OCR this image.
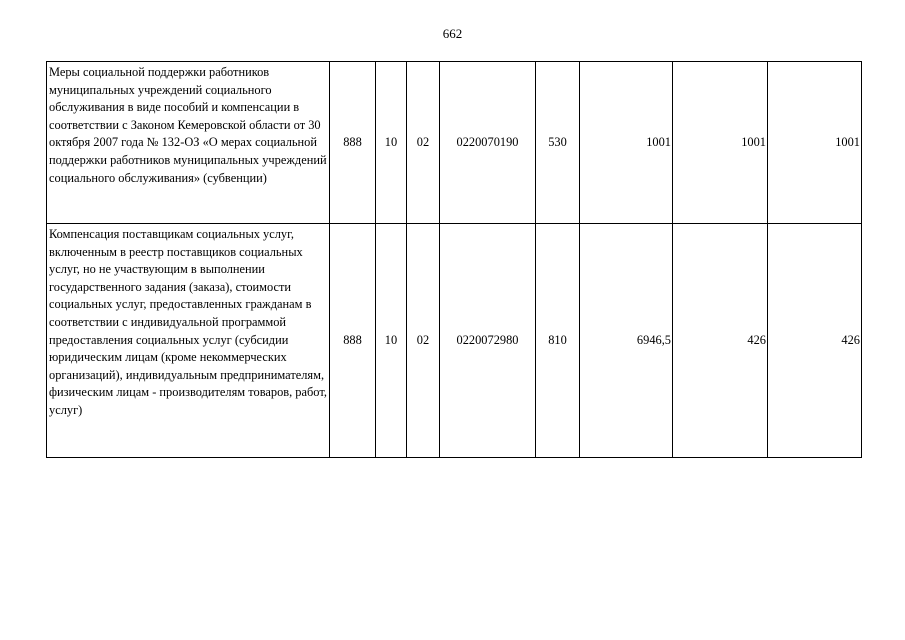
662
Меры социальной поддержки работников муниципальных учреждений социального обслуживания в виде пособий и компенсации в соответствии с Законом Кемеровской области от 30 октября 2007 года № 132-ОЗ «О мерах социальной поддержки работников муниципальных учреждений социального обслуживания» (субвенции)	888	10	02	0220070190	530	1001	1001	1001
Компенсация поставщикам социальных услуг, включенным в реестр поставщиков социальных услуг, но не участвующим в выполнении государственного задания (заказа), стоимости социальных услуг, предоставленных гражданам в соответствии с индивидуальной программой предоставления социальных услуг (субсидии юридическим лицам (кроме некоммерческих организаций), индивидуальным предпринимателям, физическим лицам - производителям товаров, работ, услуг)	888	10	02	0220072980	810	6946,5	426	426
